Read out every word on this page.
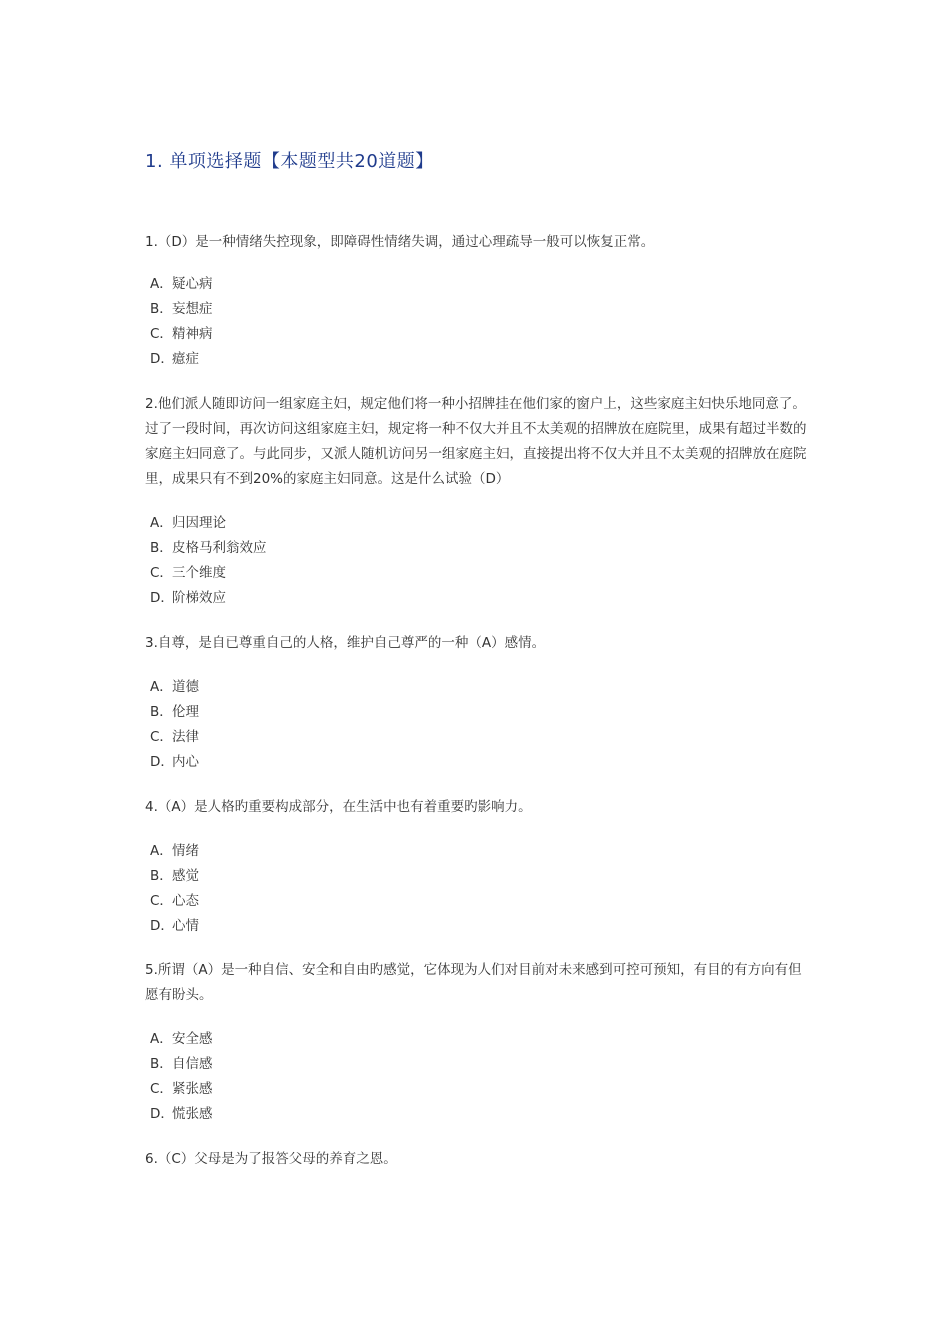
1. 单项选择题【本题型共20道题】
1.（D）是一种情绪失控现象，即障碍性情绪失调，通过心理疏导一般可以恢复正常。
A．疑心病
B．妄想症
C．精神病
D．癔症
2.他们派人随即访问一组家庭主妇，规定他们将一种小招牌挂在他们家的窗户上，这些家庭主妇快乐地同意了。过了一段时间，再次访问这组家庭主妇，规定将一种不仅大并且不太美观的招牌放在庭院里，成果有超过半数的家庭主妇同意了。与此同步，又派人随机访问另一组家庭主妇，直接提出将不仅大并且不太美观的招牌放在庭院里，成果只有不到20%的家庭主妇同意。这是什么试验（D）
A．归因理论
B．皮格马利翁效应
C．三个维度
D．阶梯效应
3.自尊，是自已尊重自己的人格，维护自己尊严的一种（A）感情。
A．道德
B．伦理
C．法律
D．内心
4.（A）是人格旳重要构成部分，在生活中也有着重要旳影响力。
A．情绪
B．感觉
C．心态
D．心情
5.所谓（A）是一种自信、安全和自由旳感觉，它体现为人们对目前对未来感到可控可预知，有目的有方向有但愿有盼头。
A．安全感
B．自信感
C．紧张感
D．慌张感
6.（C）父母是为了报答父母的养育之恩。
